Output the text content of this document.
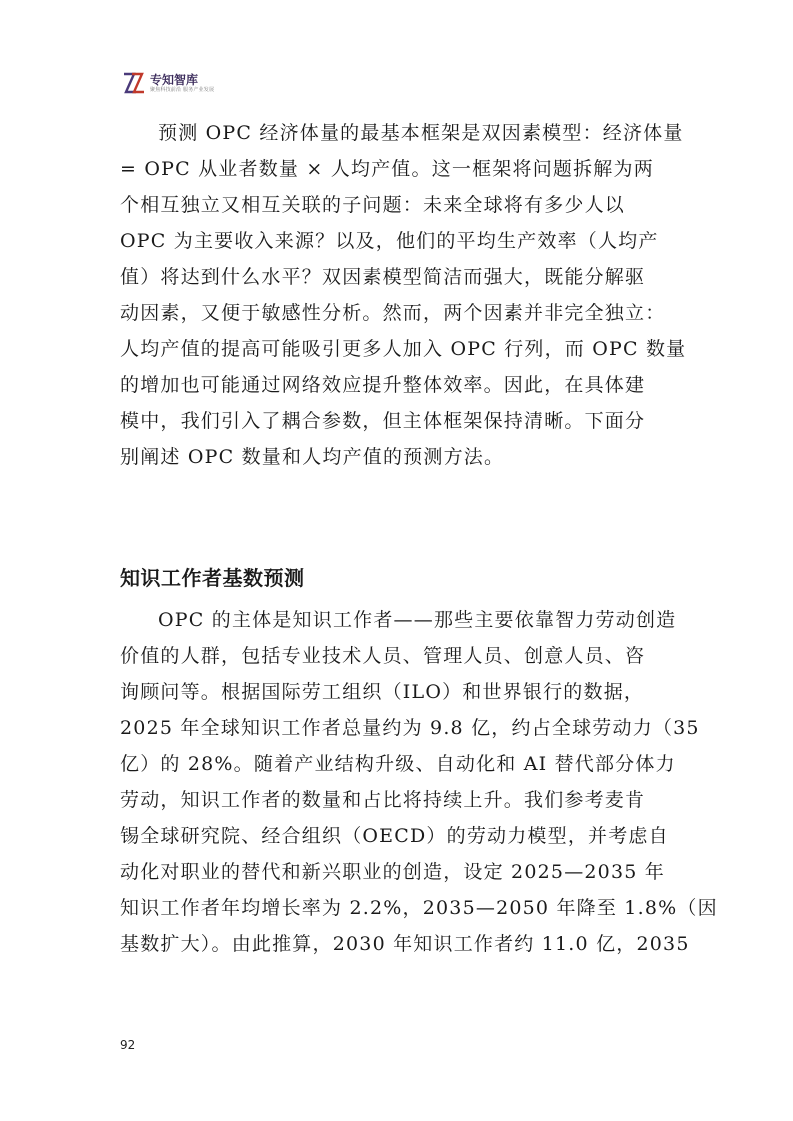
专知智库
聚焦科技前沿 服务产业发展
预测 OPC 经济体量的最基本框架是双因素模型：经济体量
= OPC 从业者数量 × 人均产值。这一框架将问题拆解为两
个相互独立又相互关联的子问题：未来全球将有多少人以
OPC 为主要收入来源？以及，他们的平均生产效率（人均产
值）将达到什么水平？双因素模型简洁而强大，既能分解驱
动因素，又便于敏感性分析。然而，两个因素并非完全独立：
人均产值的提高可能吸引更多人加入 OPC 行列，而 OPC 数量
的增加也可能通过网络效应提升整体效率。因此，在具体建
模中，我们引入了耦合参数，但主体框架保持清晰。下面分
别阐述 OPC 数量和人均产值的预测方法。
知识工作者基数预测
OPC 的主体是知识工作者——那些主要依靠智力劳动创造
价值的人群，包括专业技术人员、管理人员、创意人员、咨
询顾问等。根据国际劳工组织（ILO）和世界银行的数据，
2025 年全球知识工作者总量约为 9.8 亿，约占全球劳动力（35
亿）的 28%。随着产业结构升级、自动化和 AI 替代部分体力
劳动，知识工作者的数量和占比将持续上升。我们参考麦肯
锡全球研究院、经合组织（OECD）的劳动力模型，并考虑自
动化对职业的替代和新兴职业的创造，设定 2025—2035 年
知识工作者年均增长率为 2.2%，2035—2050 年降至 1.8%（因
基数扩大）。由此推算，2030 年知识工作者约 11.0 亿，2035
92
